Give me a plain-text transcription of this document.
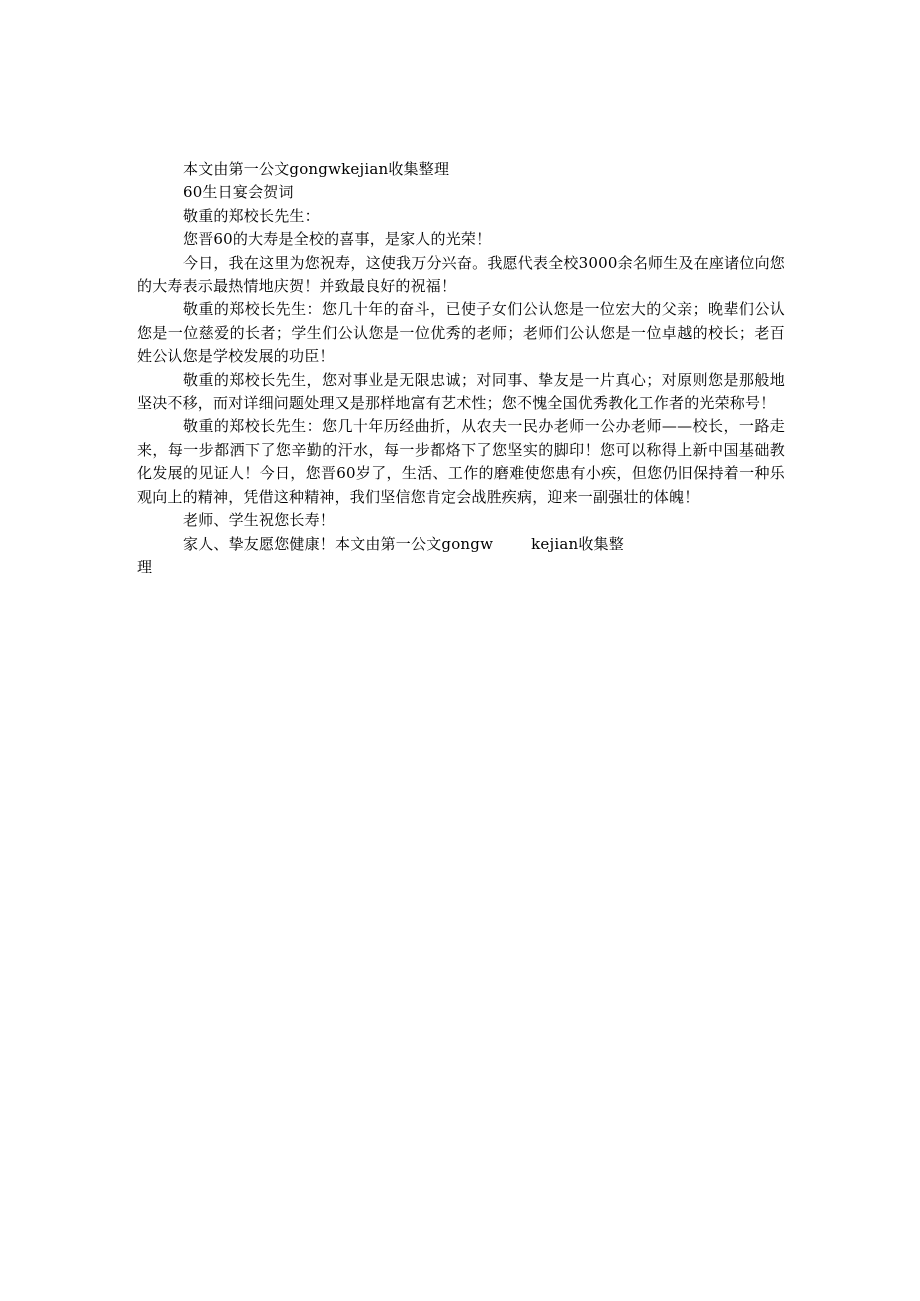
本文由第一公文gongwkejian收集整理

60生日宴会贺词

敬重的郑校长先生：

您晋60的大寿是全校的喜事，是家人的光荣！

今日，我在这里为您祝寿，这使我万分兴奋。我愿代表全校3000余名师生及在座诸位向您的大寿表示最热情地庆贺！并致最良好的祝福！

敬重的郑校长先生：您几十年的奋斗，已使子女们公认您是一位宏大的父亲；晚辈们公认您是一位慈爱的长者；学生们公认您是一位优秀的老师；老师们公认您是一位卓越的校长；老百姓公认您是学校发展的功臣！

敬重的郑校长先生，您对事业是无限忠诚；对同事、挚友是一片真心；对原则您是那般地坚决不移，而对详细问题处理又是那样地富有艺术性；您不愧全国优秀教化工作者的光荣称号！

敬重的郑校长先生：您几十年历经曲折，从农夫一民办老师一公办老师——校长，一路走来，每一步都洒下了您辛勤的汗水，每一步都烙下了您坚实的脚印！您可以称得上新中国基础教化发展的见证人！今日，您晋60岁了，生活、工作的磨难使您患有小疾，但您仍旧保持着一种乐观向上的精神，凭借这种精神，我们坚信您肯定会战胜疾病，迎来一副强壮的体魄！

老师、学生祝您长寿！

家人、挚友愿您健康！本文由第一公文gongw	kejian收集整

理
